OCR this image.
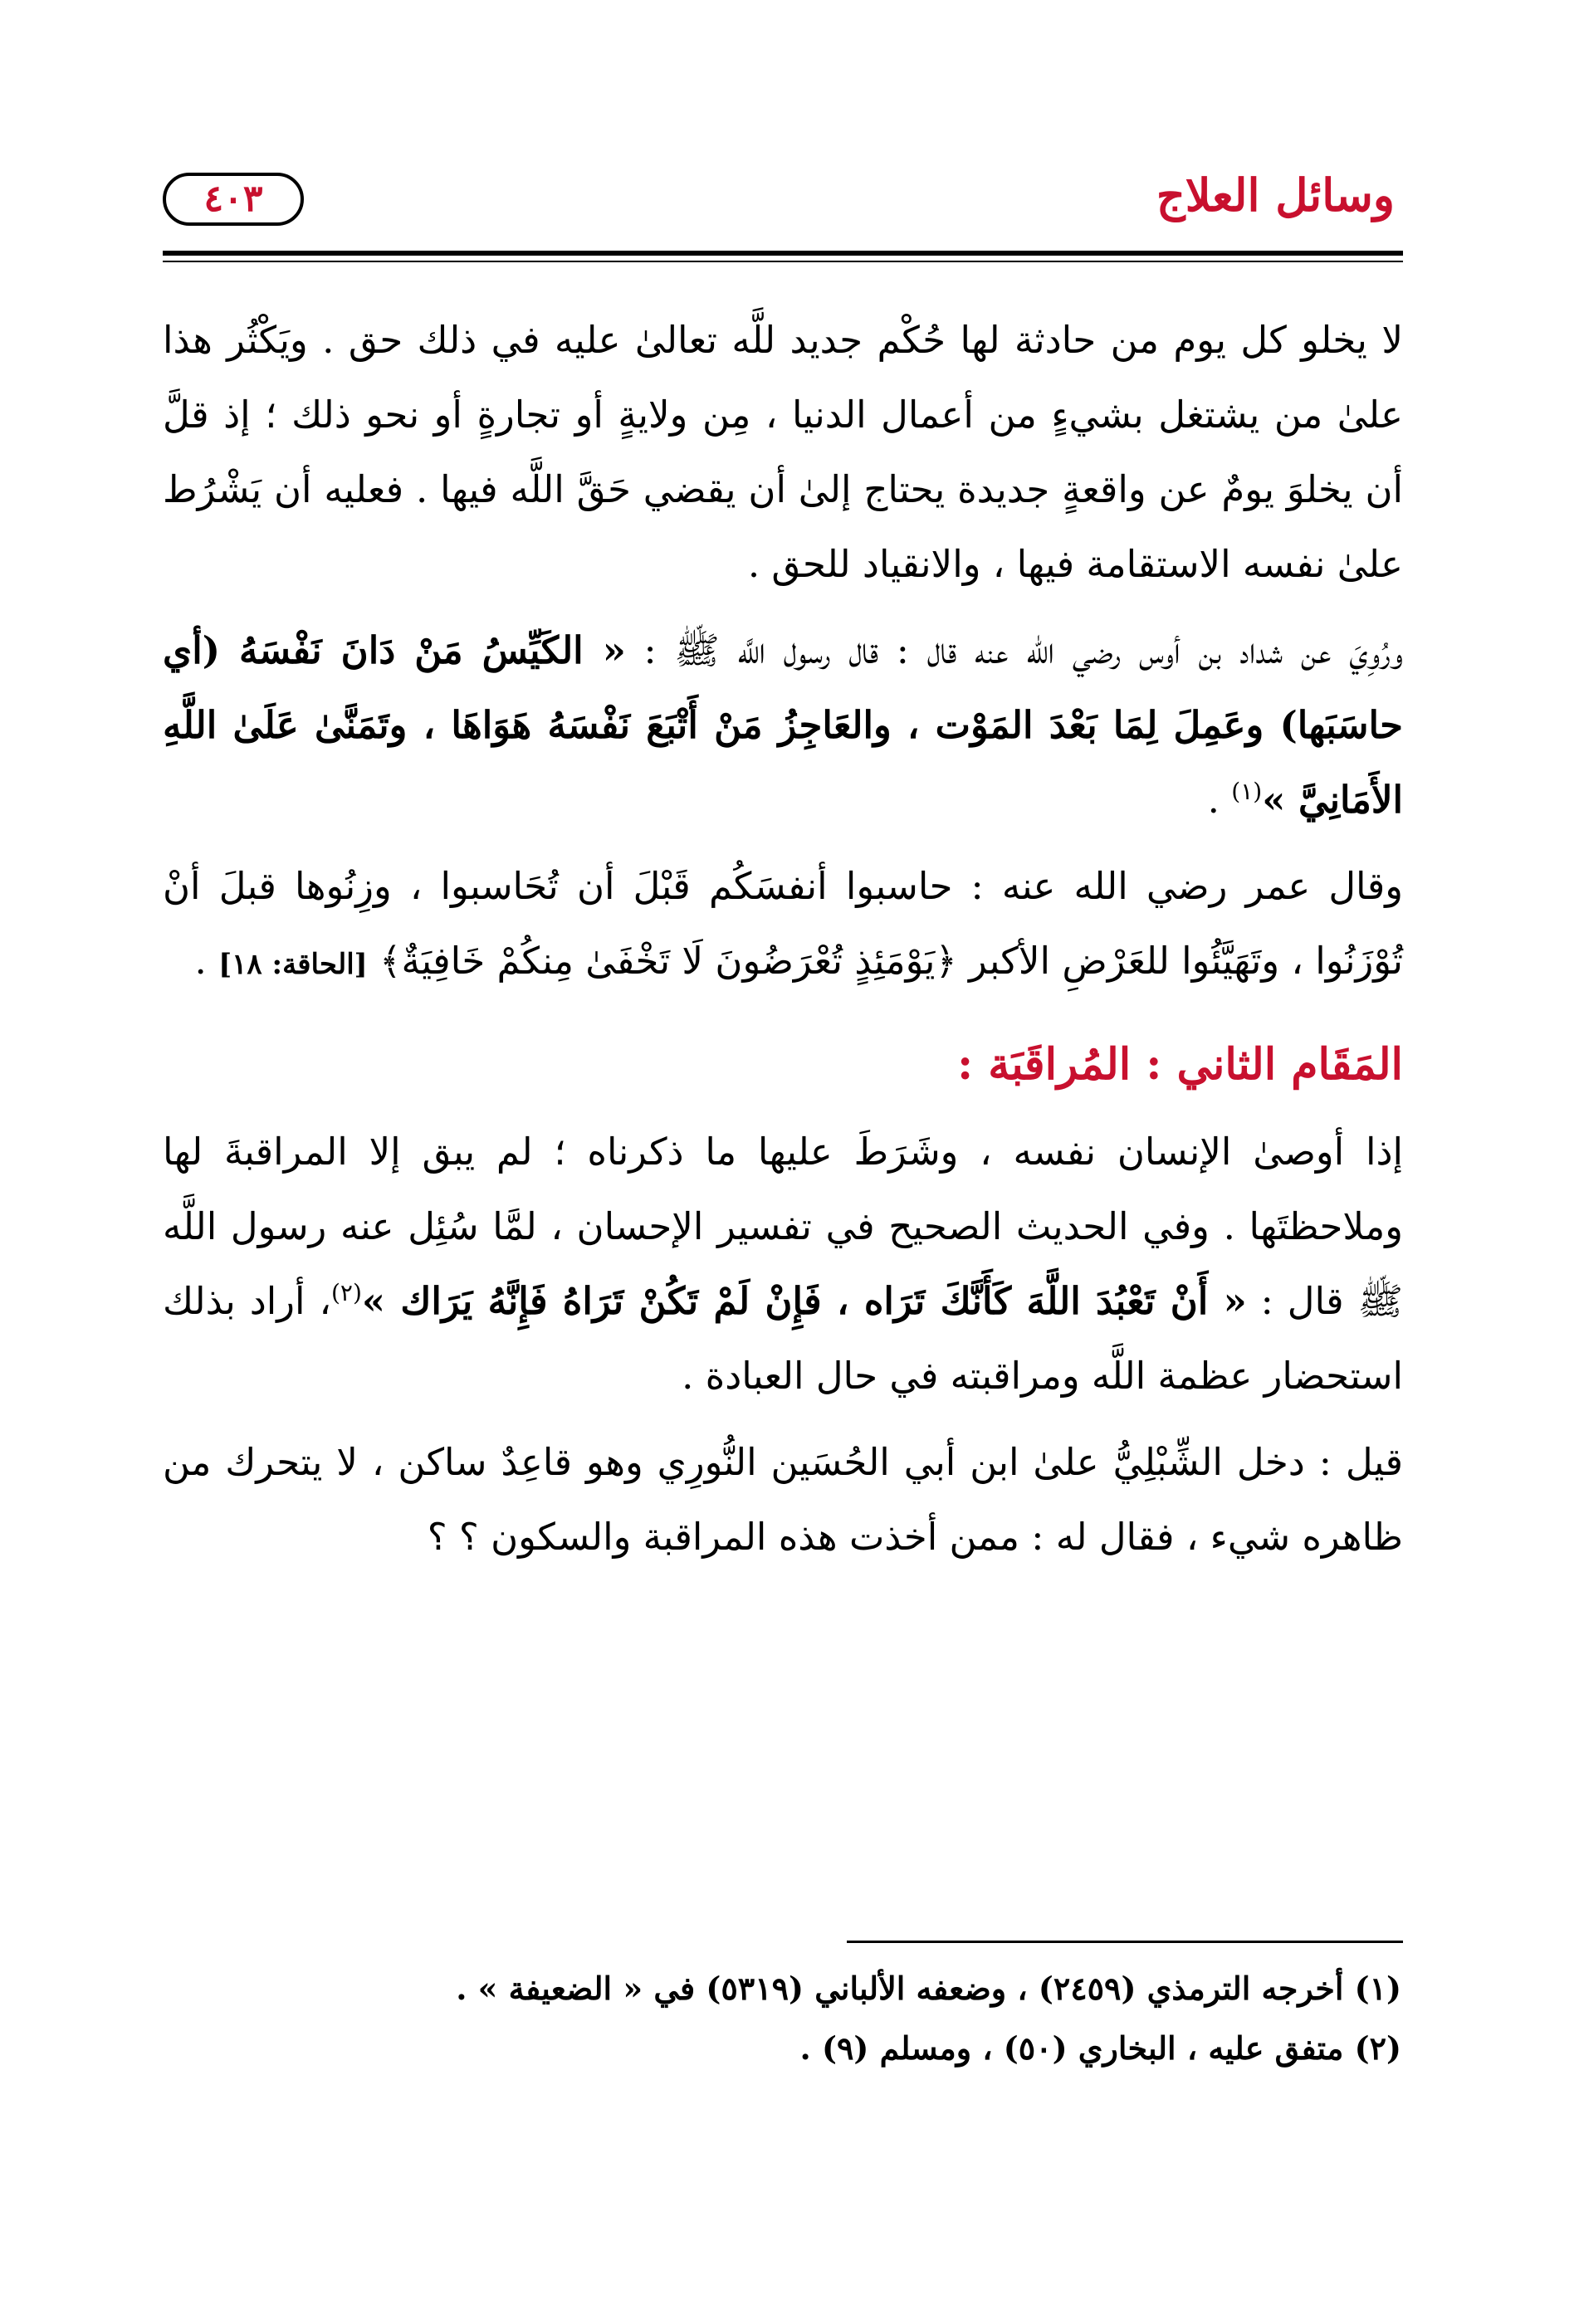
وسائل العلاج
٤٠٣

لا يخلو كل يوم من حادثة لها حُكْم جديد للَّه تعالىٰ عليه في ذلك حق . ويَكْثُر هذا علىٰ من يشتغل بشيءٍ من أعمال الدنيا ، مِن ولايةٍ أو تجارةٍ أو نحو ذلك ؛ إذ قلَّ أن يخلوَ يومٌ عن واقعةٍ جديدة يحتاج إلىٰ أن يقضي حَقَّ اللَّه فيها . فعليه أن يَشْرُط علىٰ نفسه الاستقامة فيها ، والانقياد للحق .

ورُوِيَ عن شداد بن أوس رضي الله عنه قال : قال رسول اللَّه ﷺ : « الكَيِّسُ مَنْ دَانَ نَفْسَهُ (أي حاسَبَها) وعَمِلَ لِمَا بَعْدَ المَوْت ، والعَاجِزُ مَنْ أَتْبَعَ نَفْسَهُ هَوَاهَا ، وتَمَنَّىٰ عَلَىٰ اللَّهِ الأَمَانِيَّ »$^{(١)}$ .

وقال عمر رضي الله عنه : حاسبوا أنفسَكُم قَبْلَ أن تُحَاسبوا ، وزِنُوها قبلَ أنْ تُوْزَنُوا ، وتَهَيَّئُوا للعَرْضِ الأكبر ﴿يَوْمَئِذٍ تُعْرَضُونَ لَا تَخْفَىٰ مِنكُمْ خَافِيَةٌ﴾ [الحاقة: ١٨] .

المَقَام الثاني : المُراقَبَة :

إذا أوصىٰ الإنسان نفسه ، وشَرَطَ عليها ما ذكرناه ؛ لم يبق إلا المراقبةَ لها وملاحظتَها . وفي الحديث الصحيح في تفسير الإحسان ، لمَّا سُئِل عنه رسول اللَّه ﷺ قال : « أَنْ تَعْبُدَ اللَّهَ كَأَنَّكَ تَرَاه ، فَإِنْ لَمْ تَكُنْ تَرَاهُ فَإِنَّهُ يَرَاك »$^{(٢)}$، أراد بذلك استحضار عظمة اللَّه ومراقبته في حال العبادة .

قيل : دخل الشِّبْلِيُّ علىٰ ابن أبي الحُسَين النُّورِي وهو قاعِدٌ ساكن ، لا يتحرك من ظاهره شيء ، فقال له : ممن أخذت هذه المراقبة والسكون ؟ ؟

(١) أخرجه الترمذي (٢٤٥٩) ، وضعفه الألباني (٥٣١٩) في « الضعيفة » .

(٢) متفق عليه ، البخاري (٥٠) ، ومسلم (٩) .
